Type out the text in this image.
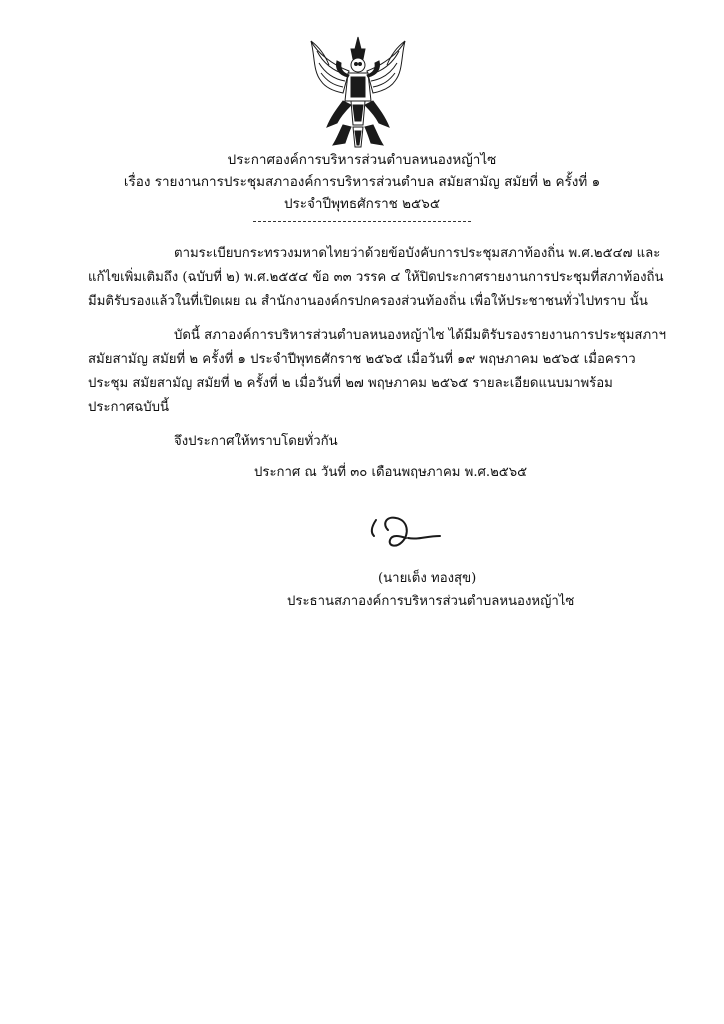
ประกาศองค์การบริหารส่วนตำบลหนองหญ้าไซ
เรื่อง รายงานการประชุมสภาองค์การบริหารส่วนตำบล สมัยสามัญ สมัยที่ ๒ ครั้งที่ ๑
ประจำปีพุทธศักราช ๒๕๖๕
ตามระเบียบกระทรวงมหาดไทยว่าด้วยข้อบังคับการประชุมสภาท้องถิ่น พ.ศ.๒๕๔๗ และ
แก้ไขเพิ่มเติมถึง (ฉบับที่ ๒) พ.ศ.๒๕๕๔ ข้อ ๓๓ วรรค ๔ ให้ปิดประกาศรายงานการประชุมที่สภาท้องถิ่น
มีมติรับรองแล้วในที่เปิดเผย ณ สำนักงานองค์กรปกครองส่วนท้องถิ่น เพื่อให้ประชาชนทั่วไปทราบ นั้น
บัดนี้ สภาองค์การบริหารส่วนตำบลหนองหญ้าไซ ได้มีมติรับรองรายงานการประชุมสภาฯ
สมัยสามัญ สมัยที่ ๒ ครั้งที่ ๑ ประจำปีพุทธศักราช ๒๕๖๕ เมื่อวันที่ ๑๙ พฤษภาคม ๒๕๖๕ เมื่อคราว
ประชุม สมัยสามัญ สมัยที่ ๒ ครั้งที่ ๒ เมื่อวันที่ ๒๗ พฤษภาคม ๒๕๖๕ รายละเอียดแนบมาพร้อม
ประกาศฉบับนี้
จึงประกาศให้ทราบโดยทั่วกัน
ประกาศ ณ วันที่ ๓๐ เดือนพฤษภาคม พ.ศ.๒๕๖๕
(นายเต็ง ทองสุข)
ประธานสภาองค์การบริหารส่วนตำบลหนองหญ้าไซ
